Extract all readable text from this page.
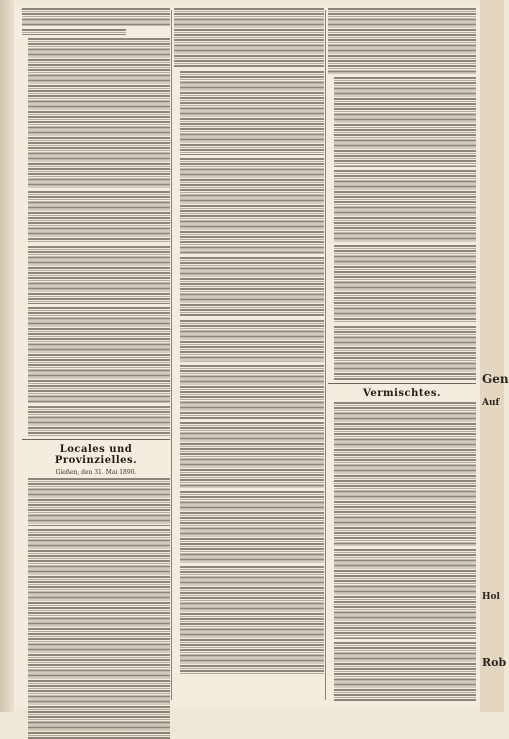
Locales und Provinzielles.
Gießen, den 31. Mai 1890.
Vermischtes.
Gen
Auf
Hol
Rob
